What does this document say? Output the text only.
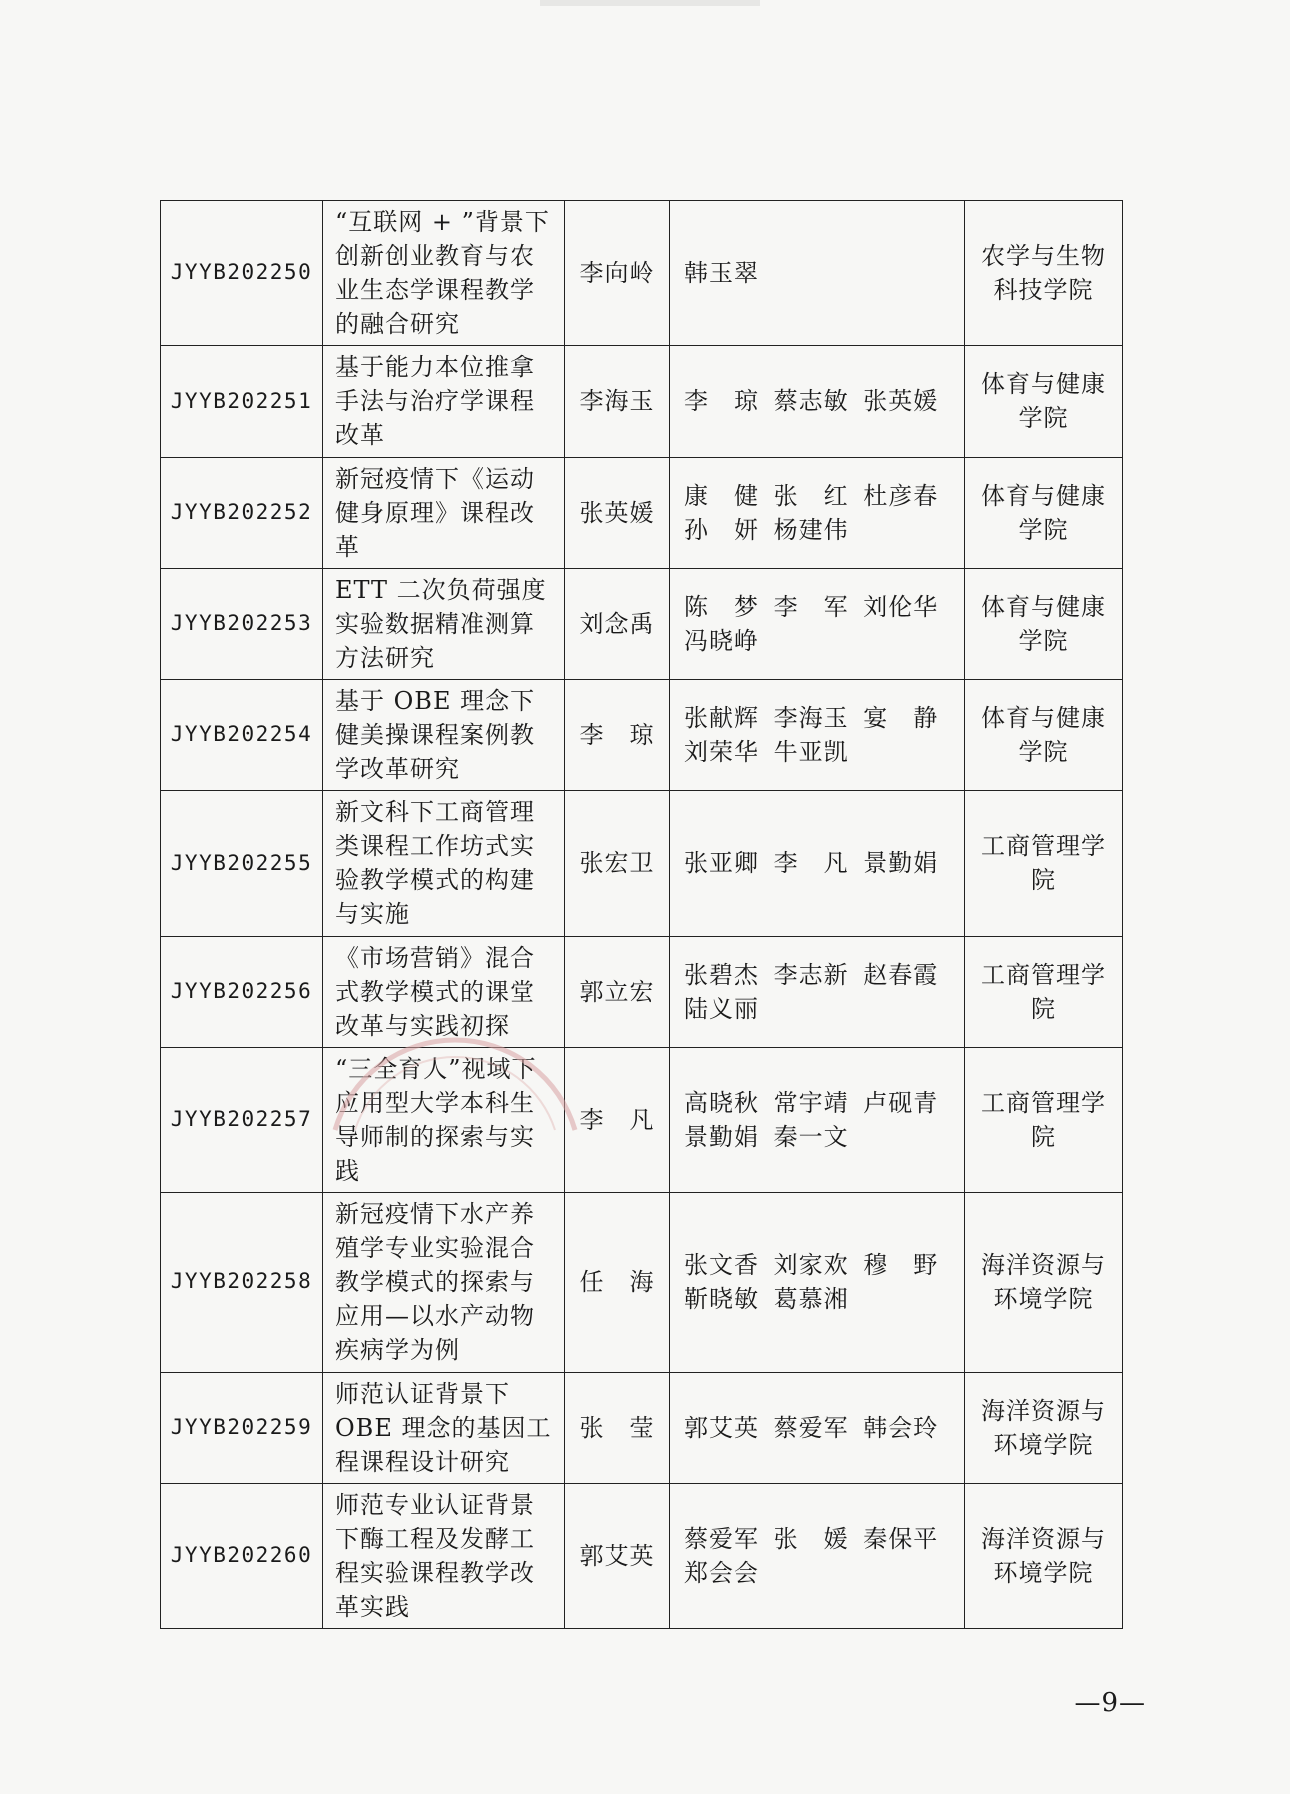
JYYB202250	“互联网 + ”背景下创新创业教育与农业生态学课程教学的融合研究	李向岭	韩玉翠	农学与生物科技学院
JYYB202251	基于能力本位推拿手法与治疗学课程改革	李海玉	李　琼 蔡志敏 张英媛	体育与健康学院
JYYB202252	新冠疫情下《运动健身原理》课程改革	张英媛	康　健 张　红 杜彦春 孙　妍 杨建伟	体育与健康学院
JYYB202253	ETT 二次负荷强度实验数据精准测算方法研究	刘念禹	陈　梦 李　军 刘伦华 冯晓峥	体育与健康学院
JYYB202254	基于 OBE 理念下健美操课程案例教学改革研究	李　琼	张献辉 李海玉 宴　静 刘荣华 牛亚凯	体育与健康学院
JYYB202255	新文科下工商管理类课程工作坊式实验教学模式的构建与实施	张宏卫	张亚卿 李　凡 景勤娟	工商管理学院
JYYB202256	《市场营销》混合式教学模式的课堂改革与实践初探	郭立宏	张碧杰 李志新 赵春霞 陆义丽	工商管理学院
JYYB202257	“三全育人”视域下应用型大学本科生导师制的探索与实践	李　凡	高晓秋 常宇靖 卢砚青 景勤娟 秦一文	工商管理学院
JYYB202258	新冠疫情下水产养殖学专业实验混合教学模式的探索与应用—以水产动物疾病学为例	任　海	张文香 刘家欢 穆　野 靳晓敏 葛慕湘	海洋资源与环境学院
JYYB202259	师范认证背景下 OBE 理念的基因工程课程设计研究	张　莹	郭艾英 蔡爱军 韩会玲	海洋资源与环境学院
JYYB202260	师范专业认证背景下酶工程及发酵工程实验课程教学改革实践	郭艾英	蔡爱军 张　媛 秦保平 郑会会	海洋资源与环境学院
—9—
